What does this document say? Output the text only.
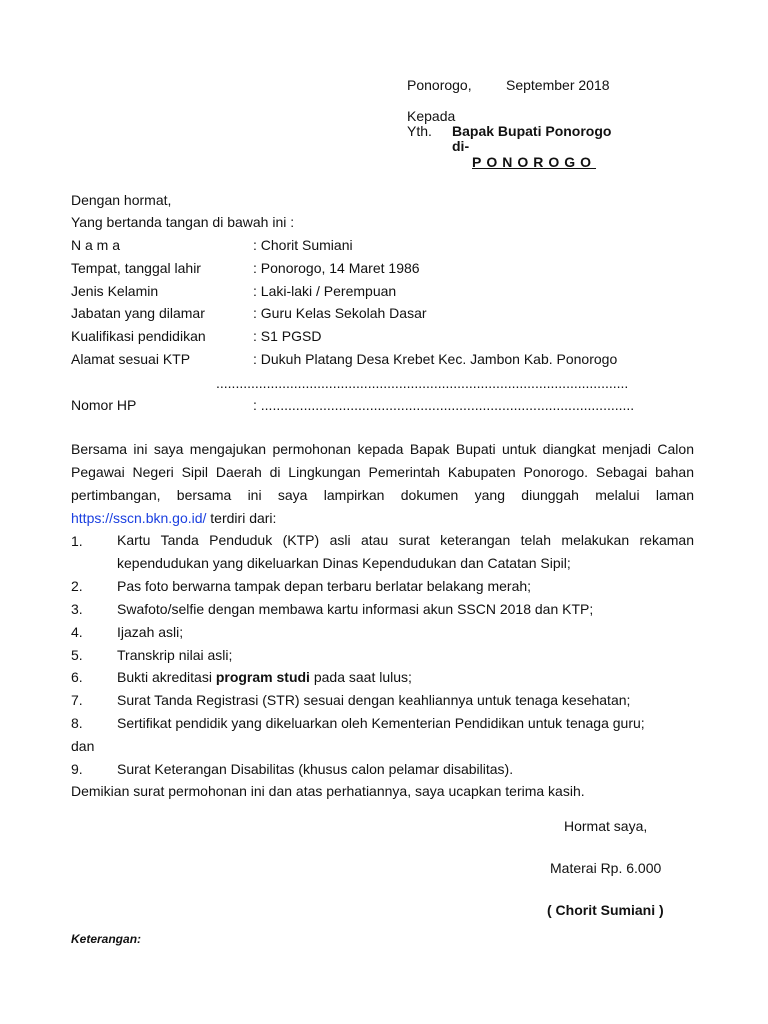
Ponorogo, September 2018
Kepada
Yth. Bapak Bupati Ponorogo
di-
PONOROGO
Dengan hormat,
Yang bertanda tangan di bawah ini :
N a m a	: Chorit Sumiani
Tempat, tanggal lahir	: Ponorogo, 14 Maret 1986
Jenis Kelamin	: Laki-laki / Perempuan
Jabatan yang dilamar	: Guru Kelas Sekolah Dasar
Kualifikasi pendidikan	: S1 PGSD
Alamat sesuai KTP	: Dukuh Platang Desa Krebet Kec. Jambon Kab. Ponorogo
..........................................................................................................
Nomor HP	: ................................................................................................
Bersama ini saya mengajukan permohonan kepada Bapak Bupati untuk diangkat menjadi Calon Pegawai Negeri Sipil Daerah di Lingkungan Pemerintah Kabupaten Ponorogo. Sebagai bahan pertimbangan, bersama ini saya lampirkan dokumen yang diunggah melalui laman https://sscn.bkn.go.id/ terdiri dari:
1. Kartu Tanda Penduduk (KTP) asli atau surat keterangan telah melakukan rekaman kependudukan yang dikeluarkan Dinas Kependudukan dan Catatan Sipil;
2. Pas foto berwarna tampak depan terbaru berlatar belakang merah;
3. Swafoto/selfie dengan membawa kartu informasi akun SSCN 2018 dan KTP;
4. Ijazah asli;
5. Transkrip nilai asli;
6. Bukti akreditasi program studi pada saat lulus;
7. Surat Tanda Registrasi (STR) sesuai dengan keahliannya untuk tenaga kesehatan;
8. Sertifikat pendidik yang dikeluarkan oleh Kementerian Pendidikan untuk tenaga guru;
dan
9. Surat Keterangan Disabilitas (khusus calon pelamar disabilitas).
Demikian surat permohonan ini dan atas perhatiannya, saya ucapkan terima kasih.
Hormat saya,
Materai Rp. 6.000
( Chorit Sumiani )
Keterangan:
